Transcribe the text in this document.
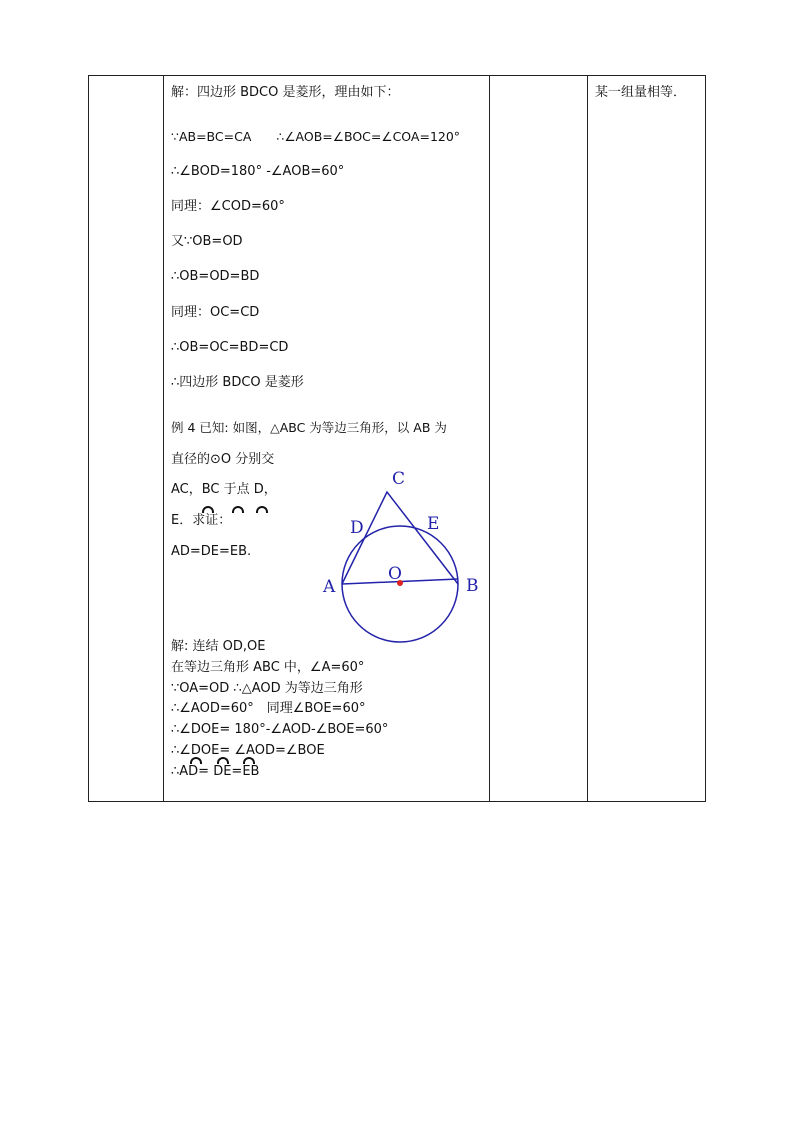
某一组量相等．
解：四边形 BDCO 是菱形，理由如下：
∵AB=BC=CA　　∴∠AOB=∠BOC=∠COA=120°
∴∠BOD=180° -∠AOB=60°
同理：∠COD=60°
又∵OB=OD
∴OB=OD=BD
同理：OC=CD
∴OB=OC=BD=CD
∴四边形 BDCO 是菱形
例 4 已知: 如图，△ABC 为等边三角形，以 AB 为
直径的⊙O 分别交
AC，BC 于点 D，
E．求证：
AD=DE=EB.
C
D	E
O
A	B
解: 连结 OD,OE
在等边三角形 ABC 中，∠A=60°
∵OA=OD ∴△AOD 为等边三角形
∴∠AOD=60°　同理∠BOE=60°
∴∠DOE= 180°-∠AOD-∠BOE=60°
∴∠DOE= ∠AOD=∠BOE
∴AD= DE=EB
